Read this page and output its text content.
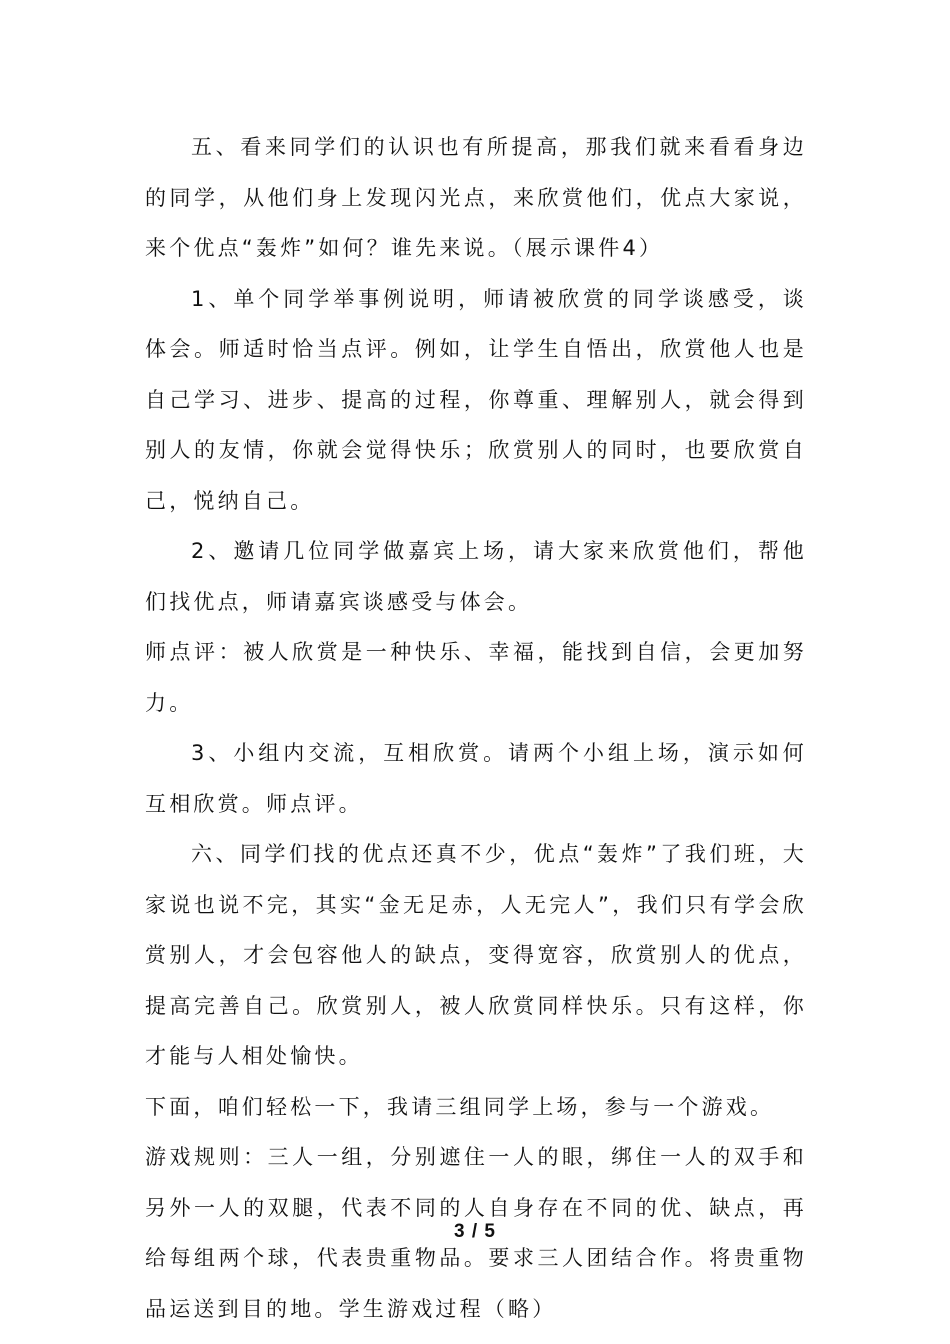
五、看来同学们的认识也有所提高，那我们就来看看身边的同学，从他们身上发现闪光点，来欣赏他们，优点大家说，来个优点“轰炸”如何？谁先来说。（展示课件4）

1、单个同学举事例说明，师请被欣赏的同学谈感受，谈体会。师适时恰当点评。例如，让学生自悟出，欣赏他人也是自己学习、进步、提高的过程，你尊重、理解别人，就会得到别人的友情，你就会觉得快乐；欣赏别人的同时，也要欣赏自己，悦纳自己。

2、邀请几位同学做嘉宾上场，请大家来欣赏他们，帮他们找优点，师请嘉宾谈感受与体会。

师点评：被人欣赏是一种快乐、幸福，能找到自信，会更加努力。

3、小组内交流，互相欣赏。请两个小组上场，演示如何互相欣赏。师点评。

六、同学们找的优点还真不少，优点“轰炸”了我们班，大家说也说不完，其实“金无足赤，人无完人”，我们只有学会欣赏别人，才会包容他人的缺点，变得宽容，欣赏别人的优点，提高完善自己。欣赏别人，被人欣赏同样快乐。只有这样，你才能与人相处愉快。

下面，咱们轻松一下，我请三组同学上场，参与一个游戏。

游戏规则：三人一组，分别遮住一人的眼，绑住一人的双手和另外一人的双腿，代表不同的人自身存在不同的优、缺点，再给每组两个球，代表贵重物品。要求三人团结合作。将贵重物品运送到目的地。学生游戏过程（略）

3 / 5
